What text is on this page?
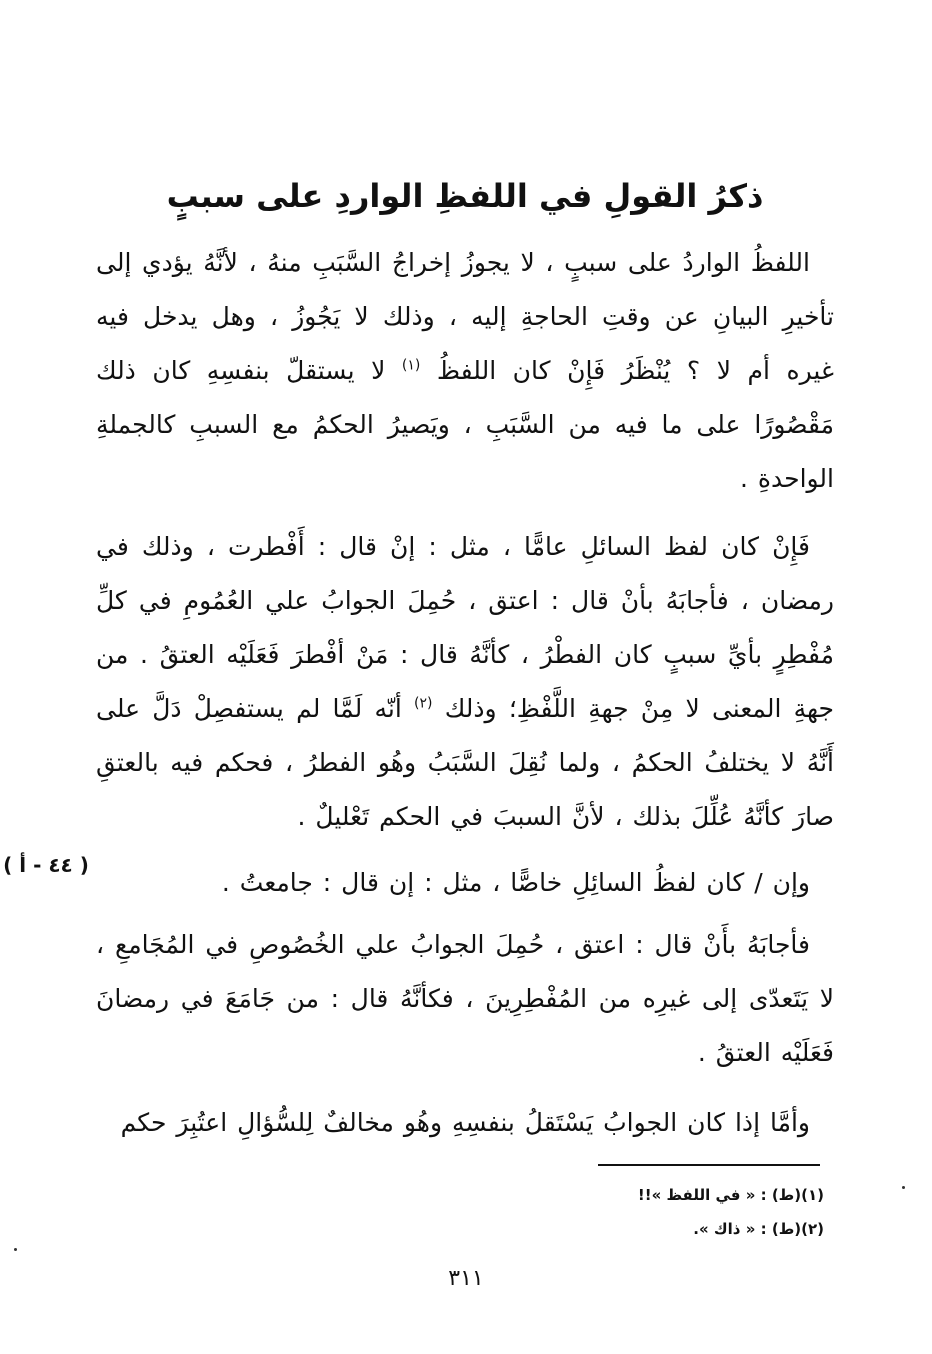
ذكرُ القولِ في اللفظِ الواردِ على سببٍ
اللفظُ الواردُ على سببٍ ، لا يجوزُ إخراجُ السَّبَبِ منهُ ، لأنَّهُ يؤدي إلى تأخيرِ البيانِ عن وقتِ الحاجةِ إليه ، وذلك لا يَجُوزُ ، وهل يدخل فيه غيره أم لا ؟ يُنْظَرُ فَإِنْ كان اللفظُ $^{(١)}$ لا يستقلّ بنفسِهِ كان ذلك مَقْصُورًا على ما فيه من السَّبَبِ ، ويَصيرُ الحكمُ مع السببِ كالجملةِ الواحدةِ .
فَإِنْ كان لفظ السائلِ عامًّا ، مثل : إنْ قال : أَفْطرت ، وذلك في رمضان ، فأجابَهُ بأنْ قال : اعتق ، حُمِلَ الجوابُ علي العُمُومِ في كلِّ مُفْطِرٍ بأيِّ سببٍ كان الفطْرُ ، كأنَّهُ قال : مَنْ أفْطرَ فَعَلَيْه العتقُ . من جهةِ المعنى لا مِنْ جهةِ اللَّفْظِ؛ وذلك $^{(٢)}$ أنّه لَمَّا لم يستفصِلْ دَلَّ على أَنَّهُ لا يختلفُ الحكمُ ، ولما نُقِلَ السَّبَبُ وهُو الفطرُ ، فحكم فيه بالعتقِ صارَ كأنَّهُ عُلِّلَ بذلك ، لأنَّ السببَ في الحكم تَعْليلٌ .
وإن / كان لفظُ السائِلِ خاصًّا ، مثل : إن قال : جامعتُ .
( ٤٤ - أ )
فأجابَهُ بأَنْ قال : اعتق ، حُمِلَ الجوابُ علي الخُصُوصِ في المُجَامعِ ، لا يَتَعدّى إلى غيرِه من المُفْطِرِينَ ، فكأنَّهُ قال : من جَامَعَ في رمضانَ فَعَلَيْه العتقُ .
وأمَّا إذا كان الجوابُ يَسْتَقلُ بنفسِهِ وهُو مخالفٌ لِلسُّؤالِ اعتُبِرَ حكم
(١)(ط) : « في اللفظ »!!
(٢)(ط) : « ذاك ».
٣١١
